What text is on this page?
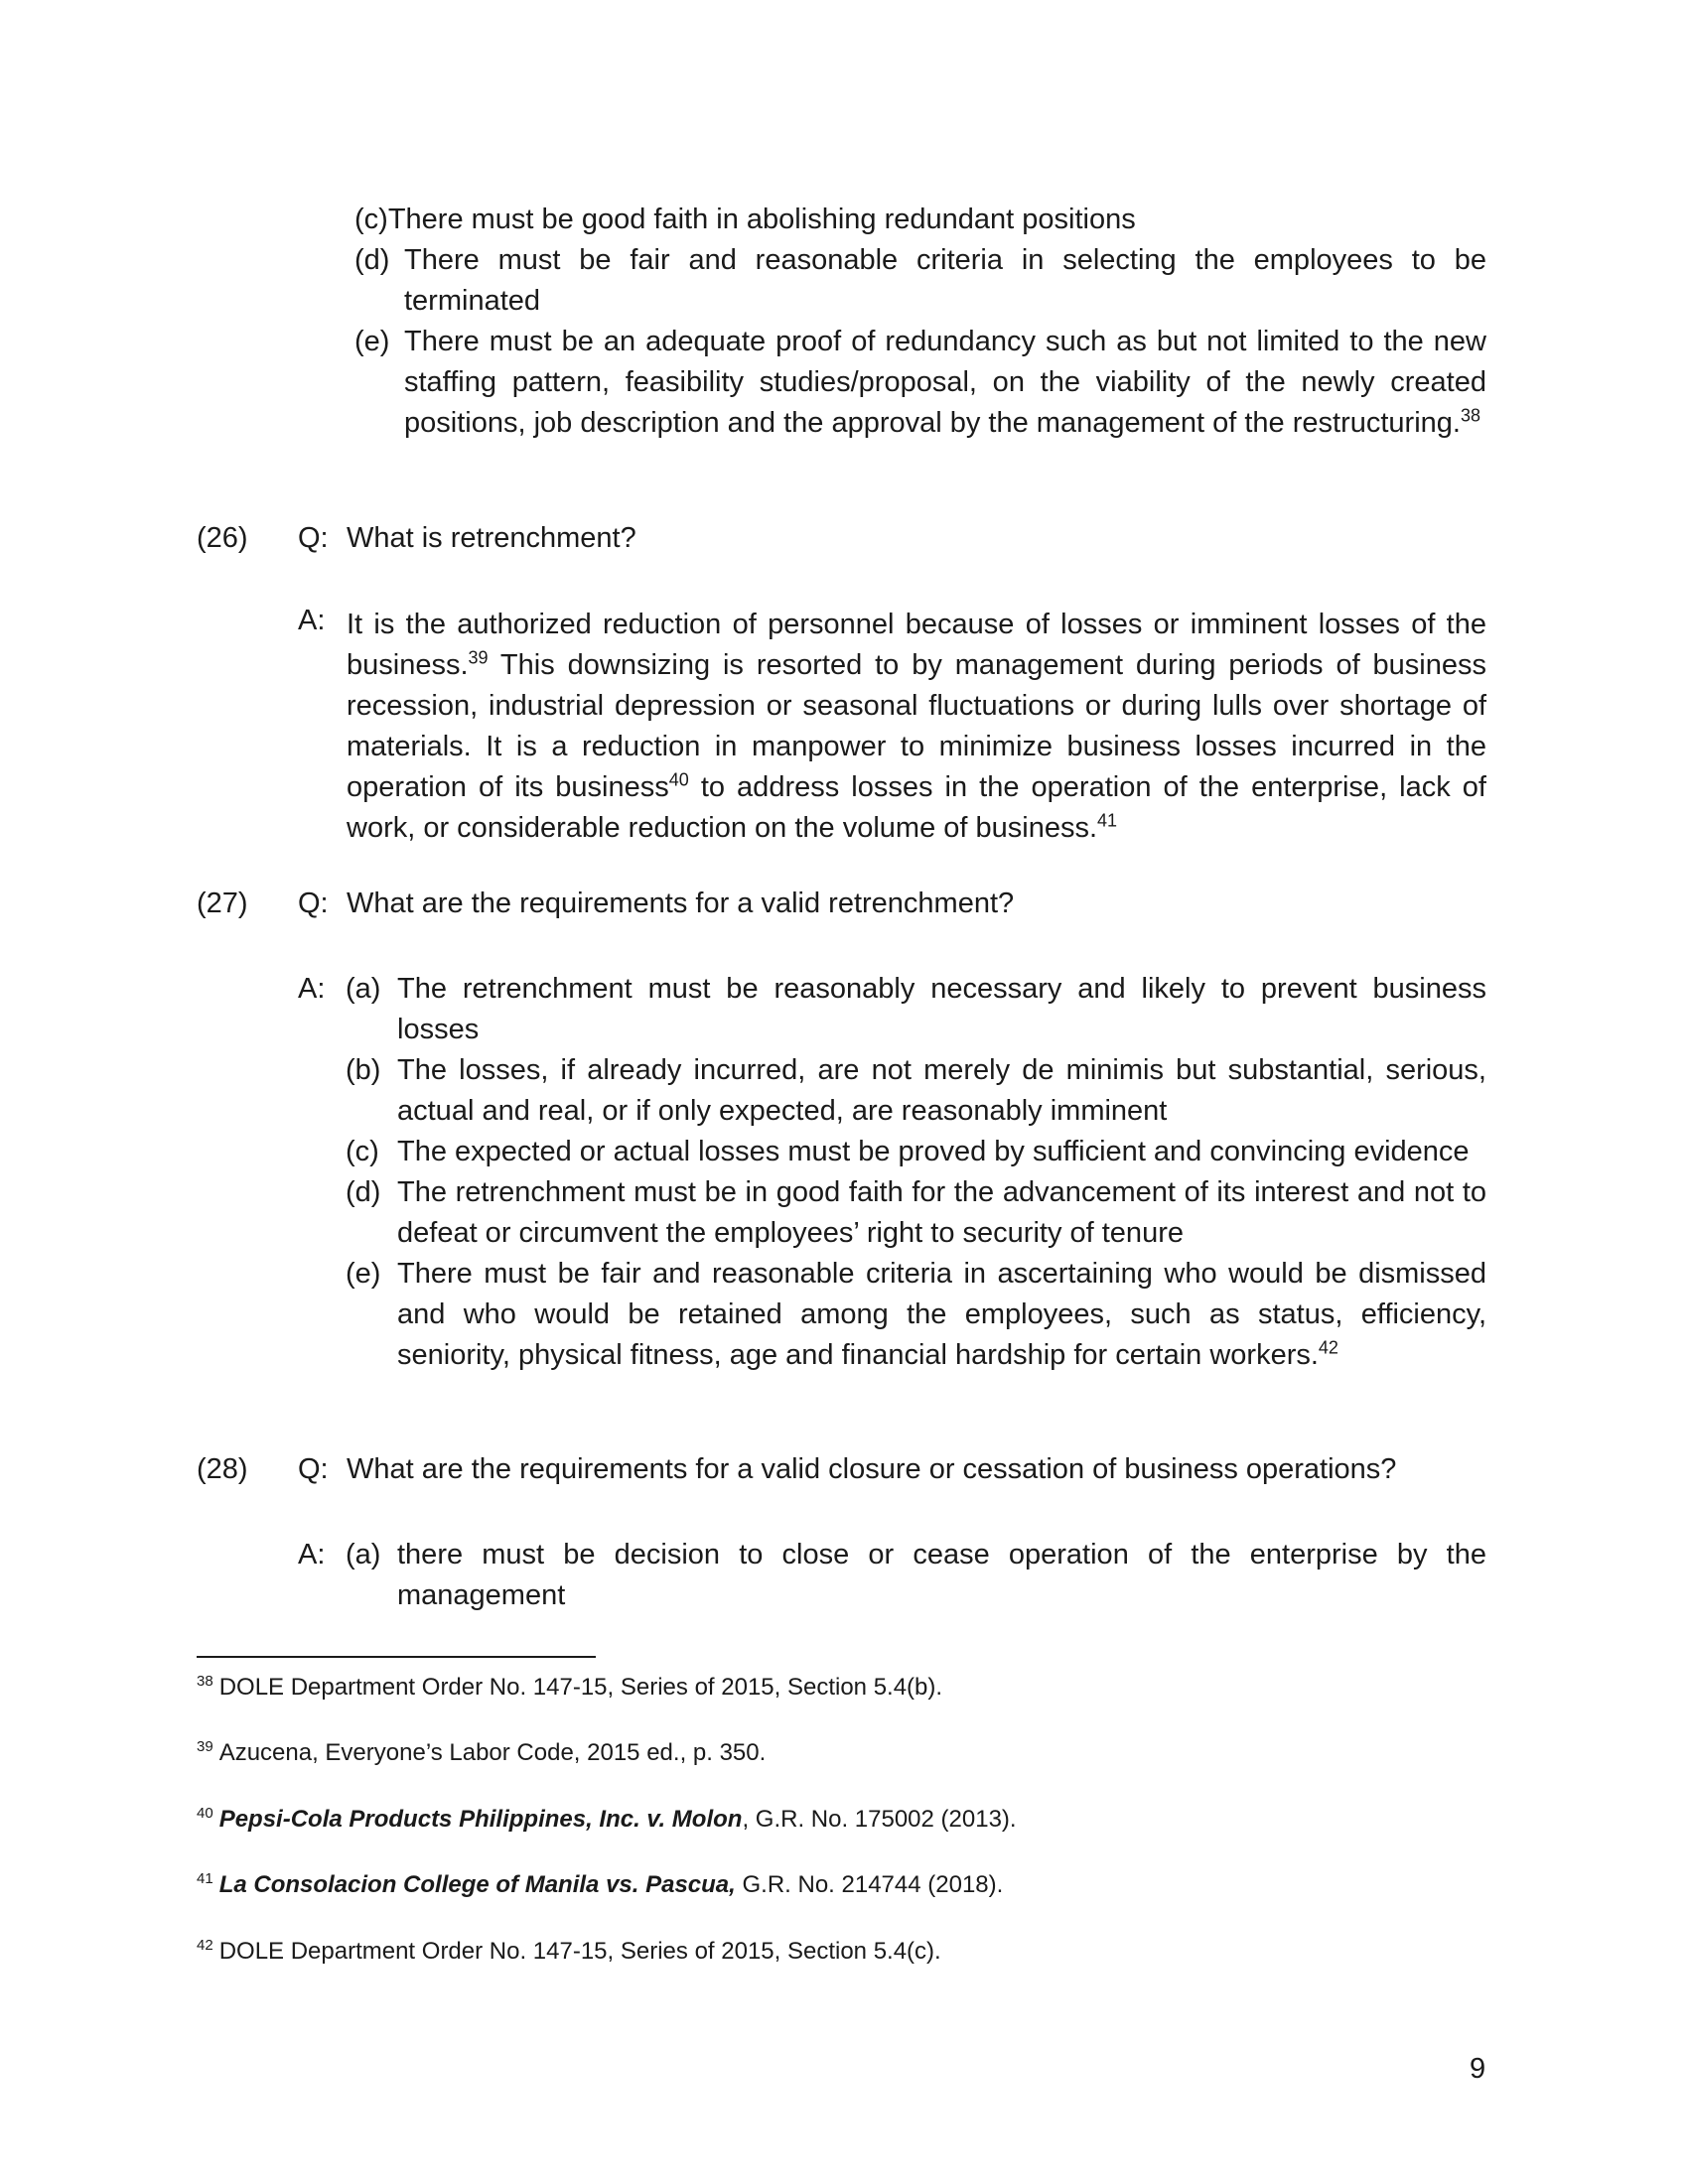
(c)There must be good faith in abolishing redundant positions
(d) There must be fair and reasonable criteria in selecting the employees to be terminated
(e) There must be an adequate proof of redundancy such as but not limited to the new staffing pattern, feasibility studies/proposal, on the viability of the newly created positions, job description and the approval by the management of the restructuring.$^{38}$
(26) Q: What is retrenchment?
A: It is the authorized reduction of personnel because of losses or imminent losses of the business.$^{39}$ This downsizing is resorted to by management during periods of business recession, industrial depression or seasonal fluctuations or during lulls over shortage of materials. It is a reduction in manpower to minimize business losses incurred in the operation of its business$^{40}$ to address losses in the operation of the enterprise, lack of work, or considerable reduction on the volume of business.$^{41}$
(27) Q: What are the requirements for a valid retrenchment?
A: (a) The retrenchment must be reasonably necessary and likely to prevent business losses
(b) The losses, if already incurred, are not merely de minimis but substantial, serious, actual and real, or if only expected, are reasonably imminent
(c) The expected or actual losses must be proved by sufficient and convincing evidence
(d) The retrenchment must be in good faith for the advancement of its interest and not to defeat or circumvent the employees’ right to security of tenure
(e) There must be fair and reasonable criteria in ascertaining who would be dismissed and who would be retained among the employees, such as status, efficiency, seniority, physical fitness, age and financial hardship for certain workers.$^{42}$
(28) Q: What are the requirements for a valid closure or cessation of business operations?
A: (a) there must be decision to close or cease operation of the enterprise by the management
$^{38}$ DOLE Department Order No. 147-15, Series of 2015, Section 5.4(b).
$^{39}$ Azucena, Everyone’s Labor Code, 2015 ed., p. 350.
$^{40}$ Pepsi-Cola Products Philippines, Inc. v. Molon, G.R. No. 175002 (2013).
$^{41}$ La Consolacion College of Manila vs. Pascua, G.R. No. 214744 (2018).
$^{42}$ DOLE Department Order No. 147-15, Series of 2015, Section 5.4(c).
9
